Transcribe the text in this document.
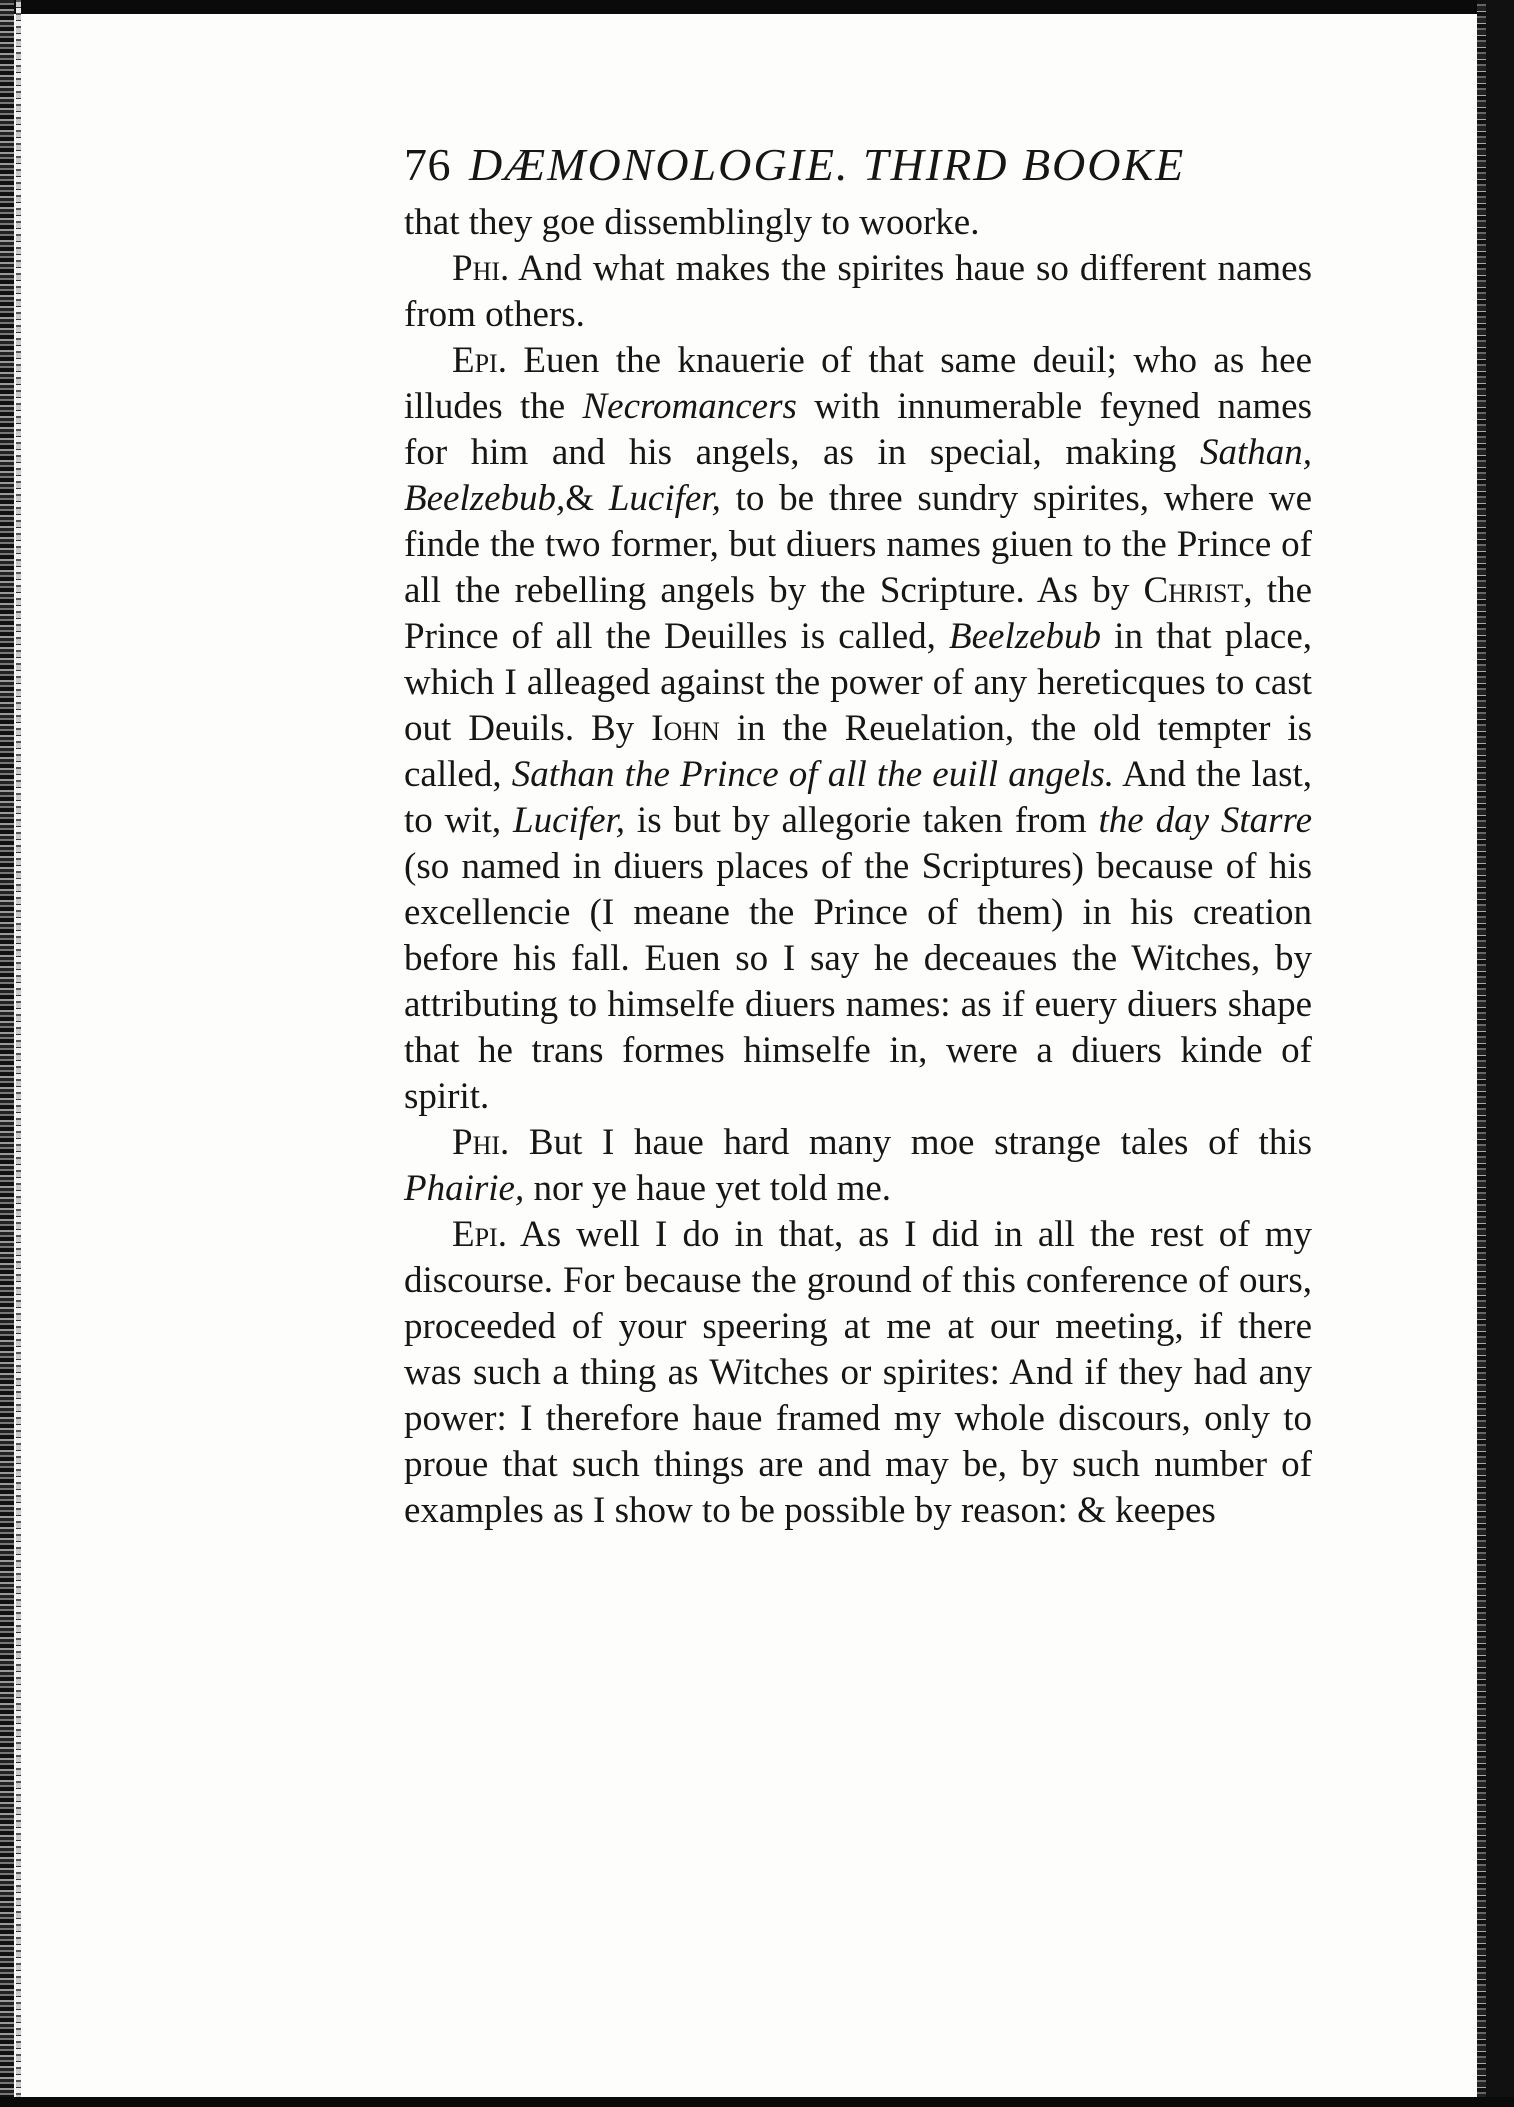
76 DÆMONOLOGIE. THIRD BOOKE

that they goe dissemblingly to woorke.

Phi. And what makes the spirites haue so different names from others.

Epi. Euen the knauerie of that same deuil; who as hee illudes the Necromancers with innumerable feyned names for him and his angels, as in special, making Sathan, Beelzebub,& Lucifer, to be three sundry spirites, where we finde the two former, but diuers names giuen to the Prince of all the rebelling angels by the Scripture. As by Christ, the Prince of all the Deuilles is called, Beelzebub in that place, which I alleaged against the power of any hereticques to cast out Deuils. By Iohn in the Reuelation, the old tempter is called, Sathan the Prince of all the euill angels. And the last, to wit, Lucifer, is but by allegorie taken from the day Starre (so named in diuers places of the Scriptures) because of his excellencie (I meane the Prince of them) in his creation before his fall. Euen so I say he deceaues the Witches, by attributing to himselfe diuers names: as if euery diuers shape that he trans formes himselfe in, were a diuers kinde of spirit.

Phi. But I haue hard many moe strange tales of this Phairie, nor ye haue yet told me.

Epi. As well I do in that, as I did in all the rest of my discourse. For because the ground of this conference of ours, proceeded of your speering at me at our meeting, if there was such a thing as Witches or spirites: And if they had any power: I therefore haue framed my whole discours, only to proue that such things are and may be, by such number of examples as I show to be possible by reason: & keepes
